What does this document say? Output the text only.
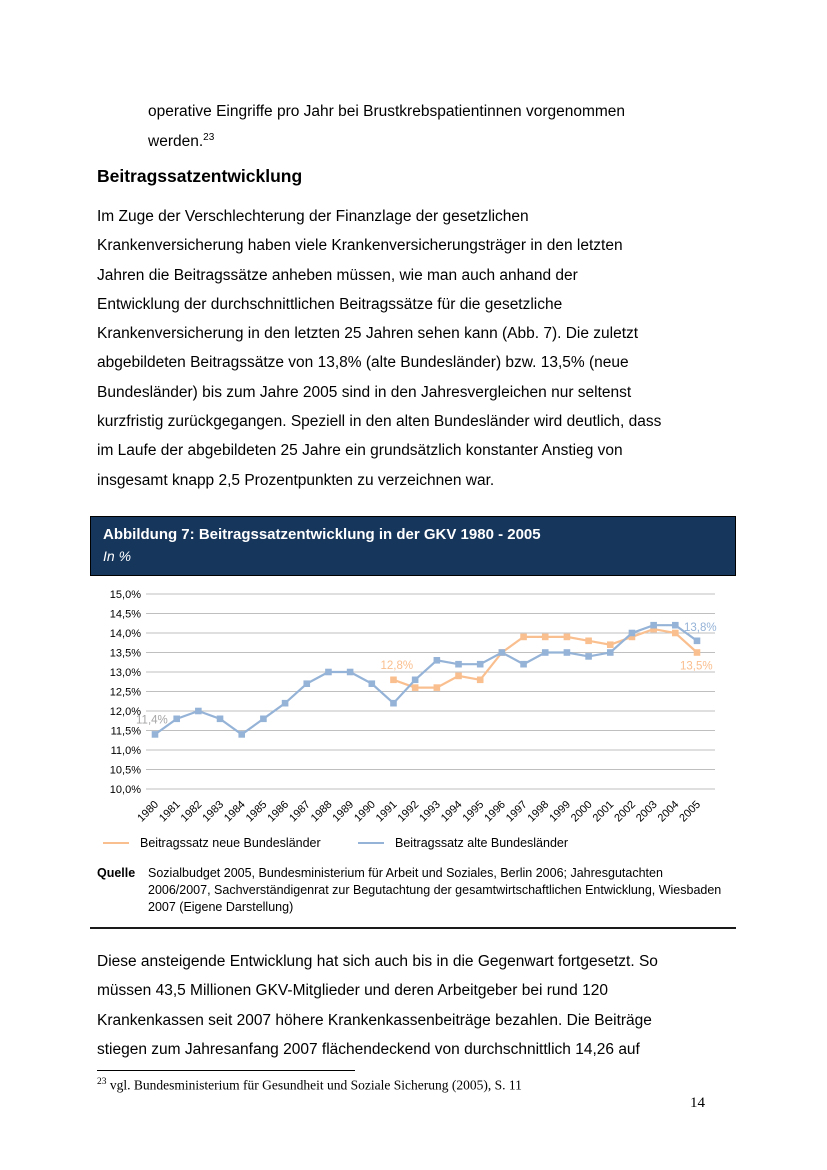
operative Eingriffe pro Jahr bei Brustkrebspatientinnen vorgenommen
werden.$^{23}$
Beitragssatzentwicklung
Im Zuge der Verschlechterung der Finanzlage der gesetzlichen
Krankenversicherung haben viele Krankenversicherungsträger in den letzten
Jahren die Beitragssätze anheben müssen, wie man auch anhand der
Entwicklung der durchschnittlichen Beitragssätze für die gesetzliche
Krankenversicherung in den letzten 25 Jahren sehen kann (Abb. 7). Die zuletzt
abgebildeten Beitragssätze von 13,8% (alte Bundesländer) bzw. 13,5% (neue
Bundesländer) bis zum Jahre 2005 sind in den Jahresvergleichen nur seltenst
kurzfristig zurückgegangen. Speziell in den alten Bundesländer wird deutlich, dass
im Laufe der abgebildeten 25 Jahre ein grundsätzlich konstanter Anstieg von
insgesamt knapp 2,5 Prozentpunkten zu verzeichnen war.
Abbildung 7: Beitragssatzentwicklung in der GKV 1980 - 2005
In %
15,0%
14,5%
14,0%
13,5%
13,0%
12,5%
12,0%
11,5%
11,0%
10,5%
10,0%
1980
1981
1982
1983
1984
1985
1986
1987
1988
1989
1990
1991
1992
1993
1994
1995
1996
1997
1998
1999
2000
2001
2002
2003
2004
2005
11,4%
12,8%
13,8%
13,5%
Beitragssatz neue Bundesländer	Beitragssatz alte Bundesländer
Quelle	Sozialbudget 2005, Bundesministerium für Arbeit und Soziales, Berlin 2006; Jahresgutachten 2006/2007, Sachverständigenrat zur Begutachtung der gesamtwirtschaftlichen Entwicklung, Wiesbaden 2007 (Eigene Darstellung)
Diese ansteigende Entwicklung hat sich auch bis in die Gegenwart fortgesetzt. So
müssen 43,5 Millionen GKV-Mitglieder und deren Arbeitgeber bei rund 120
Krankenkassen seit 2007 höhere Krankenkassenbeiträge bezahlen. Die Beiträge
stiegen zum Jahresanfang 2007 flächendeckend von durchschnittlich 14,26 auf
$^{23}$ vgl. Bundesministerium für Gesundheit und Soziale Sicherung (2005), S. 11
14
